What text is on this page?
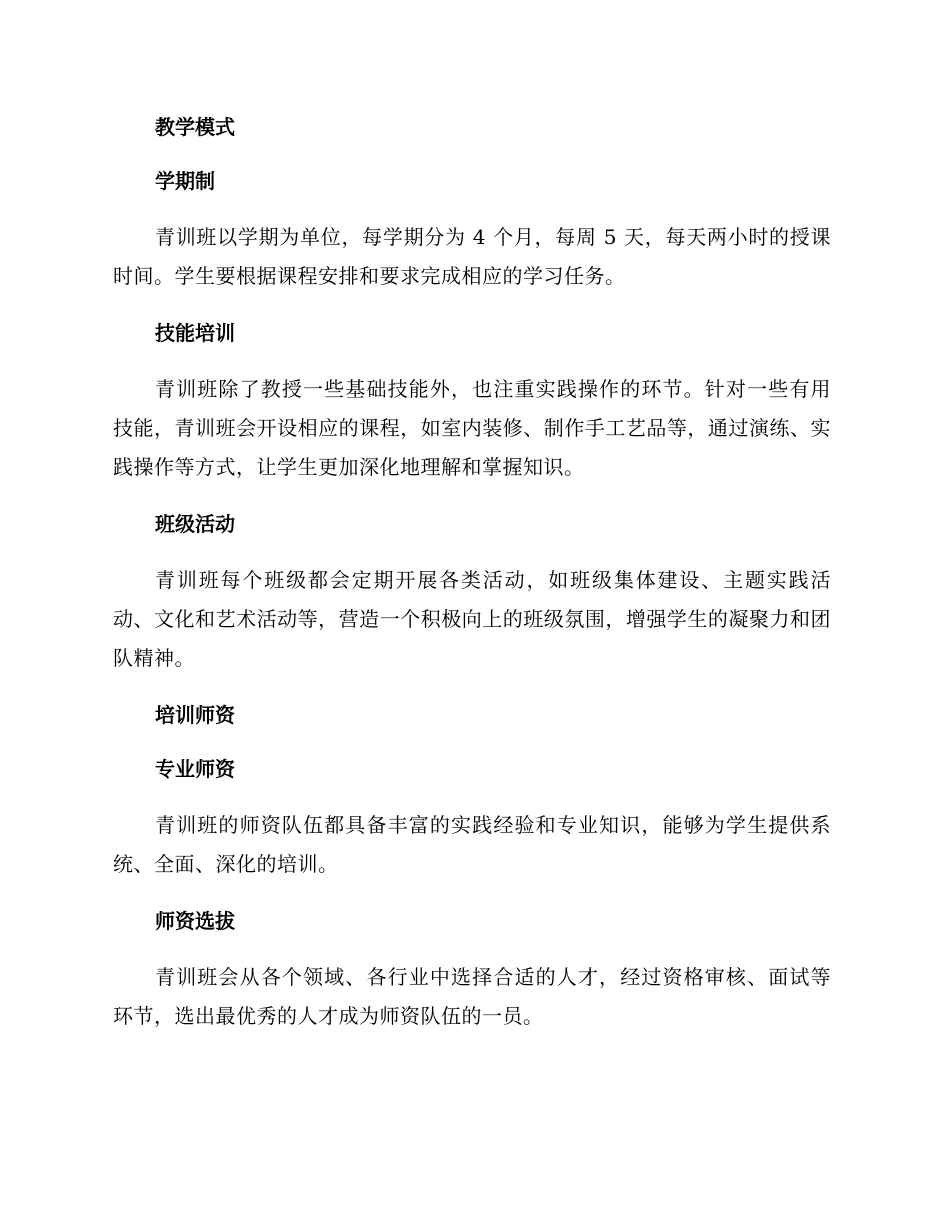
教学模式
学期制

青训班以学期为单位，每学期分为 4 个月，每周 5 天，每天两小时的授课时间。学生要根据课程安排和要求完成相应的学习任务。

技能培训

青训班除了教授一些基础技能外，也注重实践操作的环节。针对一些有用技能，青训班会开设相应的课程，如室内装修、制作手工艺品等，通过演练、实践操作等方式，让学生更加深化地理解和掌握知识。

班级活动

青训班每个班级都会定期开展各类活动，如班级集体建设、主题实践活动、文化和艺术活动等，营造一个积极向上的班级氛围，增强学生的凝聚力和团队精神。

培训师资
专业师资

青训班的师资队伍都具备丰富的实践经验和专业知识，能够为学生提供系统、全面、深化的培训。

师资选拔

青训班会从各个领域、各行业中选择合适的人才，经过资格审核、面试等环节，选出最优秀的人才成为师资队伍的一员。
